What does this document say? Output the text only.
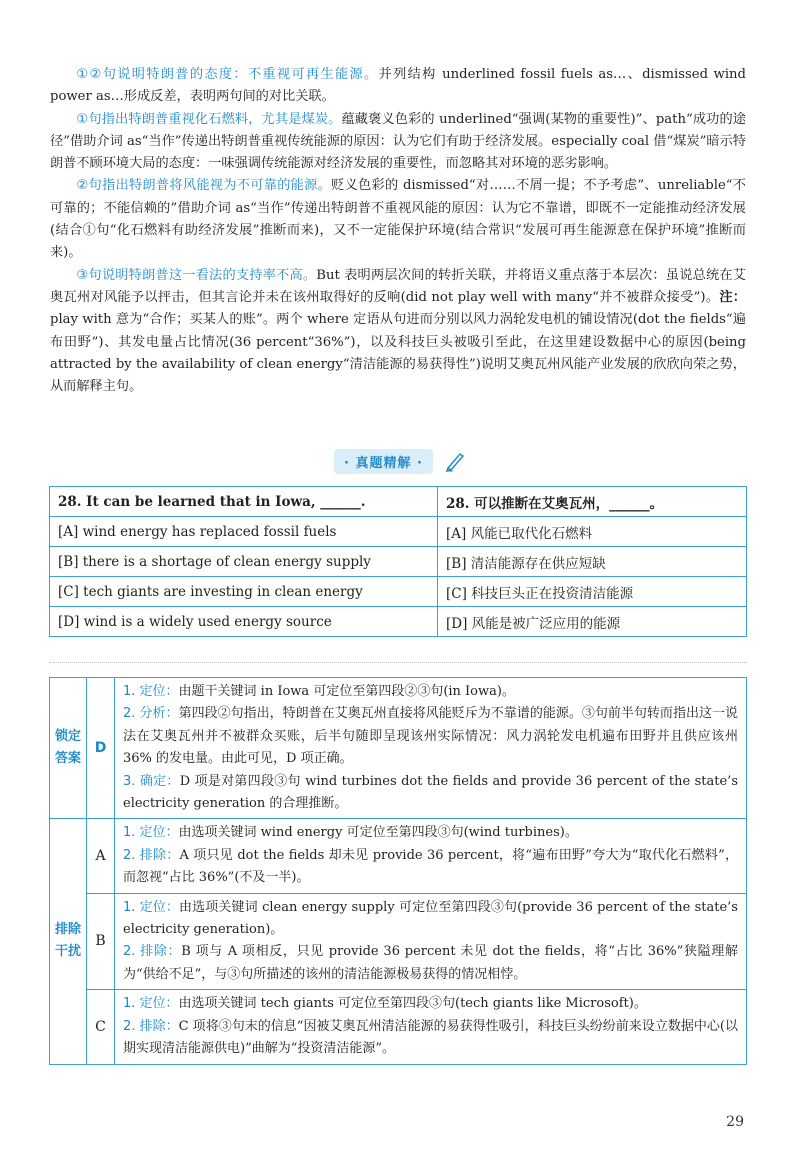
①②句说明特朗普的态度：不重视可再生能源。并列结构 underlined fossil fuels as…、dismissed wind power as…形成反差，表明两句间的对比关联。

①句指出特朗普重视化石燃料，尤其是煤炭。蕴藏褒义色彩的 underlined“强调(某物的重要性)”、path“成功的途径”借助介词 as“当作”传递出特朗普重视传统能源的原因：认为它们有助于经济发展。especially coal 借“煤炭”暗示特朗普不顾环境大局的态度：一味强调传统能源对经济发展的重要性，而忽略其对环境的恶劣影响。

②句指出特朗普将风能视为不可靠的能源。贬义色彩的 dismissed“对……不屑一提；不予考虑”、unreliable“不可靠的；不能信赖的”借助介词 as“当作”传递出特朗普不重视风能的原因：认为它不靠谱，即既不一定能推动经济发展(结合①句“化石燃料有助经济发展”推断而来)，又不一定能保护环境(结合常识“发展可再生能源意在保护环境”推断而来)。

③句说明特朗普这一看法的支持率不高。But 表明两层次间的转折关联，并将语义重点落于本层次：虽说总统在艾奥瓦州对风能予以抨击，但其言论并未在该州取得好的反响(did not play well with many“并不被群众接受”)。注：play with 意为“合作；买某人的账”。两个 where 定语从句进而分别以风力涡轮发电机的铺设情况(dot the fields“遍布田野”)、其发电量占比情况(36 percent“36%”)，以及科技巨头被吸引至此，在这里建设数据中心的原因(being attracted by the availability of clean energy“清洁能源的易获得性”)说明艾奥瓦州风能产业发展的欣欣向荣之势，从而解释主句。

· 真题精解 ·
28. It can be learned that in Iowa, ______.	28. 可以推断在艾奥瓦州，______。
[A] wind energy has replaced fossil fuels	[A] 风能已取代化石燃料
[B] there is a shortage of clean energy supply	[B] 清洁能源存在供应短缺
[C] tech giants are investing in clean energy	[C] 科技巨头正在投资清洁能源
[D] wind is a widely used energy source	[D] 风能是被广泛应用的能源
锁定答案	D	1. 定位：由题干关键词 in Iowa 可定位至第四段②③句(in Iowa)。
2. 分析：第四段②句指出，特朗普在艾奥瓦州直接将风能贬斥为不靠谱的能源。③句前半句转而指出这一说法在艾奥瓦州并不被群众买账，后半句随即呈现该州实际情况：风力涡轮发电机遍布田野并且供应该州 36% 的发电量。由此可见，D 项正确。
3. 确定：D 项是对第四段③句 wind turbines dot the fields and provide 36 percent of the state’s electricity generation 的合理推断。

排除干扰	A	1. 定位：由选项关键词 wind energy 可定位至第四段③句(wind turbines)。
2. 排除：A 项只见 dot the fields 却未见 provide 36 percent，将“遍布田野”夸大为“取代化石燃料”，而忽视“占比 36%”(不及一半)。

	B	1. 定位：由选项关键词 clean energy supply 可定位至第四段③句(provide 36 percent of the state’s electricity generation)。
2. 排除：B 项与 A 项相反，只见 provide 36 percent 未见 dot the fields，将“占比 36%”狭隘理解为“供给不足”，与③句所描述的该州的清洁能源极易获得的情况相悖。

	C	1. 定位：由选项关键词 tech giants 可定位至第四段③句(tech giants like Microsoft)。
2. 排除：C 项将③句末的信息“因被艾奥瓦州清洁能源的易获得性吸引，科技巨头纷纷前来设立数据中心(以期实现清洁能源供电)”曲解为“投资清洁能源”。
29
